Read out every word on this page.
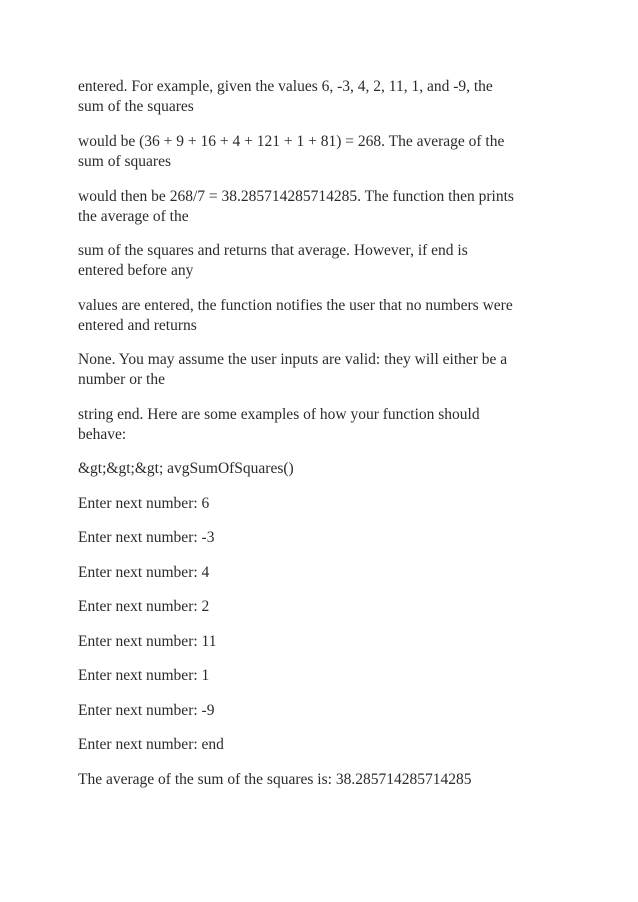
entered. For example, given the values 6, -3, 4, 2, 11, 1, and -9, the
sum of the squares

would be (36 + 9 + 16 + 4 + 121 + 1 + 81) = 268. The average of the
sum of squares

would then be 268/7 = 38.285714285714285. The function then prints
the average of the

sum of the squares and returns that average. However, if end is
entered before any

values are entered, the function notifies the user that no numbers were
entered and returns

None. You may assume the user inputs are valid: they will either be a
number or the

string end. Here are some examples of how your function should
behave:

&gt;&gt;&gt; avgSumOfSquares()

Enter next number: 6

Enter next number: -3

Enter next number: 4

Enter next number: 2

Enter next number: 11

Enter next number: 1

Enter next number: -9

Enter next number: end

The average of the sum of the squares is: 38.285714285714285
